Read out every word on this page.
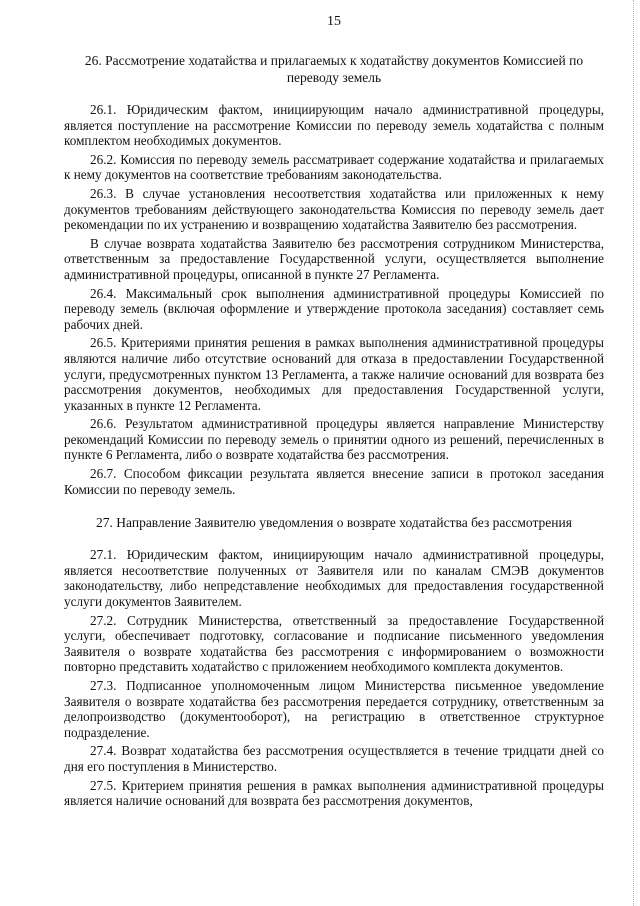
15
26. Рассмотрение ходатайства и прилагаемых к ходатайству документов Комиссией по переводу земель

26.1. Юридическим фактом, инициирующим начало административной процедуры, является поступление на рассмотрение Комиссии по переводу земель ходатайства с полным комплектом необходимых документов.

26.2. Комиссия по переводу земель рассматривает содержание ходатайства и прилагаемых к нему документов на соответствие требованиям законодательства.

26.3. В случае установления несоответствия ходатайства или приложенных к нему документов требованиям действующего законодательства Комиссия по переводу земель дает рекомендации по их устранению и возвращению ходатайства Заявителю без рассмотрения.

В случае возврата ходатайства Заявителю без рассмотрения сотрудником Министерства, ответственным за предоставление Государственной услуги, осуществляется выполнение административной процедуры, описанной в пункте 27 Регламента.

26.4. Максимальный срок выполнения административной процедуры Комиссией по переводу земель (включая оформление и утверждение протокола заседания) составляет семь рабочих дней.

26.5. Критериями принятия решения в рамках выполнения административной процедуры являются наличие либо отсутствие оснований для отказа в предоставлении Государственной услуги, предусмотренных пунктом 13 Регламента, а также наличие оснований для возврата без рассмотрения документов, необходимых для предоставления Государственной услуги, указанных в пункте 12 Регламента.

26.6. Результатом административной процедуры является направление Министерству рекомендаций Комиссии по переводу земель о принятии одного из решений, перечисленных в пункте 6 Регламента, либо о возврате ходатайства без рассмотрения.

26.7. Способом фиксации результата является внесение записи в протокол заседания Комиссии по переводу земель.

27. Направление Заявителю уведомления о возврате ходатайства без рассмотрения

27.1. Юридическим фактом, инициирующим начало административной процедуры, является несоответствие полученных от Заявителя или по каналам СМЭВ документов законодательству, либо непредставление необходимых для предоставления государственной услуги документов Заявителем.

27.2. Сотрудник Министерства, ответственный за предоставление Государственной услуги, обеспечивает подготовку, согласование и подписание письменного уведомления Заявителя о возврате ходатайства без рассмотрения с информированием о возможности повторно представить ходатайство с приложением необходимого комплекта документов.

27.3. Подписанное уполномоченным лицом Министерства письменное уведомление Заявителя о возврате ходатайства без рассмотрения передается сотруднику, ответственным за делопроизводство (документооборот), на регистрацию в ответственное структурное подразделение.

27.4. Возврат ходатайства без рассмотрения осуществляется в течение тридцати дней со дня его поступления в Министерство.

27.5. Критерием принятия решения в рамках выполнения административной процедуры является наличие оснований для возврата без рассмотрения документов,
